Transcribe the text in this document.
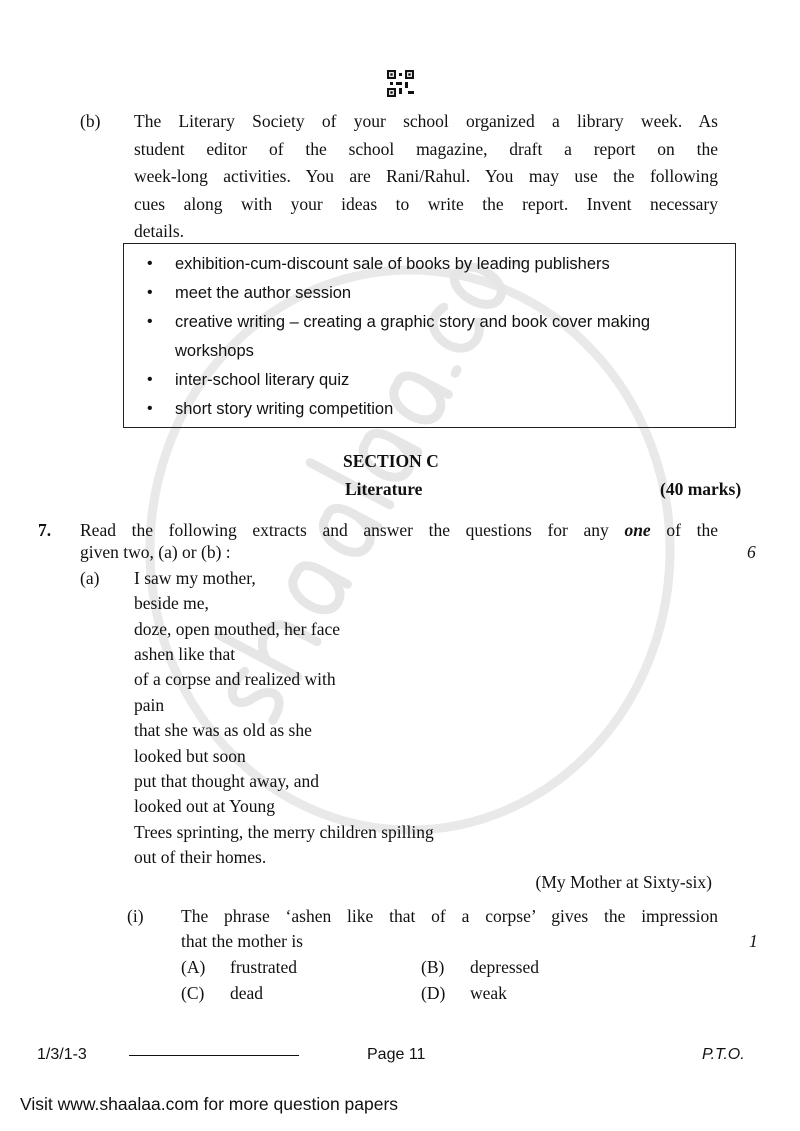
(b) The Literary Society of your school organized a library week. As
student editor of the school magazine, draft a report on the
week-long activities. You are Rani/Rahul. You may use the following
cues along with your ideas to write the report. Invent necessary
details.
• exhibition-cum-discount sale of books by leading publishers
• meet the author session
• creative writing – creating a graphic story and book cover making
workshops
• inter-school literary quiz
• short story writing competition
SECTION C
Literature	(40 marks)
7. Read the following extracts and answer the questions for any one of the
given two, (a) or (b) :	6
(a) I saw my mother,
beside me,
doze, open mouthed, her face
ashen like that
of a corpse and realized with
pain
that she was as old as she
looked but soon
put that thought away, and
looked out at Young
Trees sprinting, the merry children spilling
out of their homes.
(My Mother at Sixty-six)
(i) The phrase ‘ashen like that of a corpse’ gives the impression
that the mother is	1
(A) frustrated	(B) depressed
(C) dead	(D) weak
1/3/1-3	Page 11	P.T.O.
Visit www.shaalaa.com for more question papers
